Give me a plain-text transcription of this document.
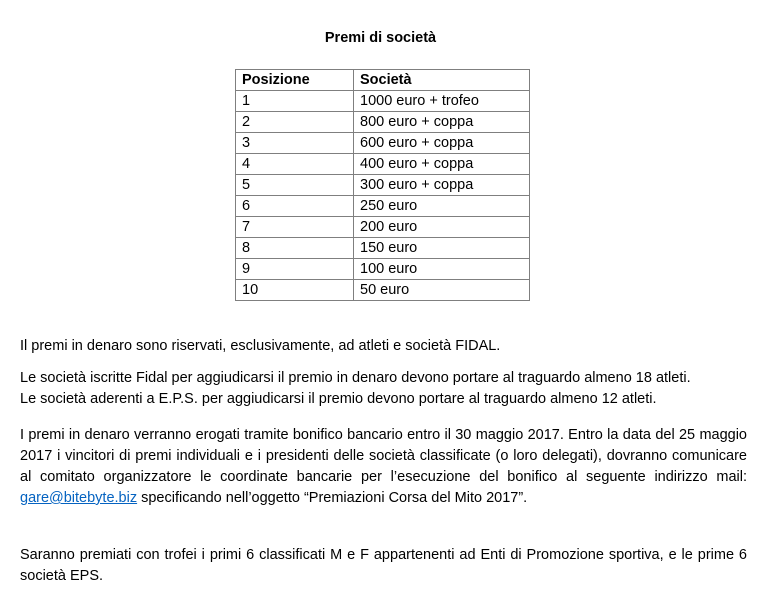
Premi di società
Posizione	Società
1	1000 euro + trofeo
2	800 euro + coppa
3	600 euro + coppa
4	400 euro + coppa
5	300 euro + coppa
6	250 euro
7	200 euro
8	150 euro
9	100 euro
10	50 euro

Il premi in denaro sono riservati, esclusivamente, ad atleti e società FIDAL.

Le società iscritte Fidal per aggiudicarsi il premio in denaro devono portare al traguardo almeno 18 atleti.
Le società aderenti a E.P.S. per aggiudicarsi il premio devono portare al traguardo almeno 12 atleti.

I premi in denaro verranno erogati tramite bonifico bancario entro il 30 maggio 2017. Entro la data del 25 maggio 2017 i vincitori di premi individuali e i presidenti delle società classificate (o loro delegati), dovranno comunicare al comitato organizzatore le coordinate bancarie per l’esecuzione del bonifico al seguente indirizzo mail: gare@bitebyte.biz specificando nell’oggetto “Premiazioni Corsa del Mito 2017”.

Saranno premiati con trofei i primi 6 classificati M e F appartenenti ad Enti di Promozione sportiva, e le prime 6 società EPS.
